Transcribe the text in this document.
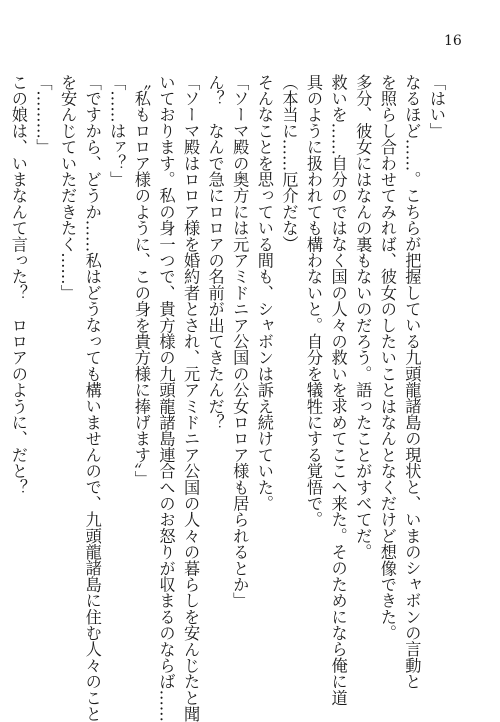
16

「はい」

なるほど……。こちらが把握している九頭龍諸島の現状と、いまのシャボンの言動と

を照らし合わせてみれば、彼女のしたいことはなんとなくだけど想像できた。

多分、彼女にはなんの裏もないのだろう。語ったことがすべてだ。

救いを……自分のではなく国の人々の救いを求めてここへ来た。そのためになら俺に道

具のように扱われても構わないと。自分を犠牲にする覚悟で。

（本当に……厄介だな）

そんなことを思っている間も、シャボンは訴え続けていた。

「ソーマ殿の奥方には元アミドニア公国の公女ロロア様も居られるとか」

ん？　なんで急にロロアの名前が出てきたんだ？

「ソーマ殿はロロア様を婚約者とされ、元アミドニア公国の人々の暮らしを安んじたと聞

いております。私の身一つで、貴方様の九頭龍諸島連合へのお怒りが収まるのならば……

〝私もロロア様のように、この身を貴方様に捧げます〟」

「……はァ？」

「ですから、どうか……私はどうなっても構いませんので、九頭龍諸島に住む人々のこと

を安んじていただきたく……」

「………」

この娘は、いまなんて言った？　ロロアのように、だと？
